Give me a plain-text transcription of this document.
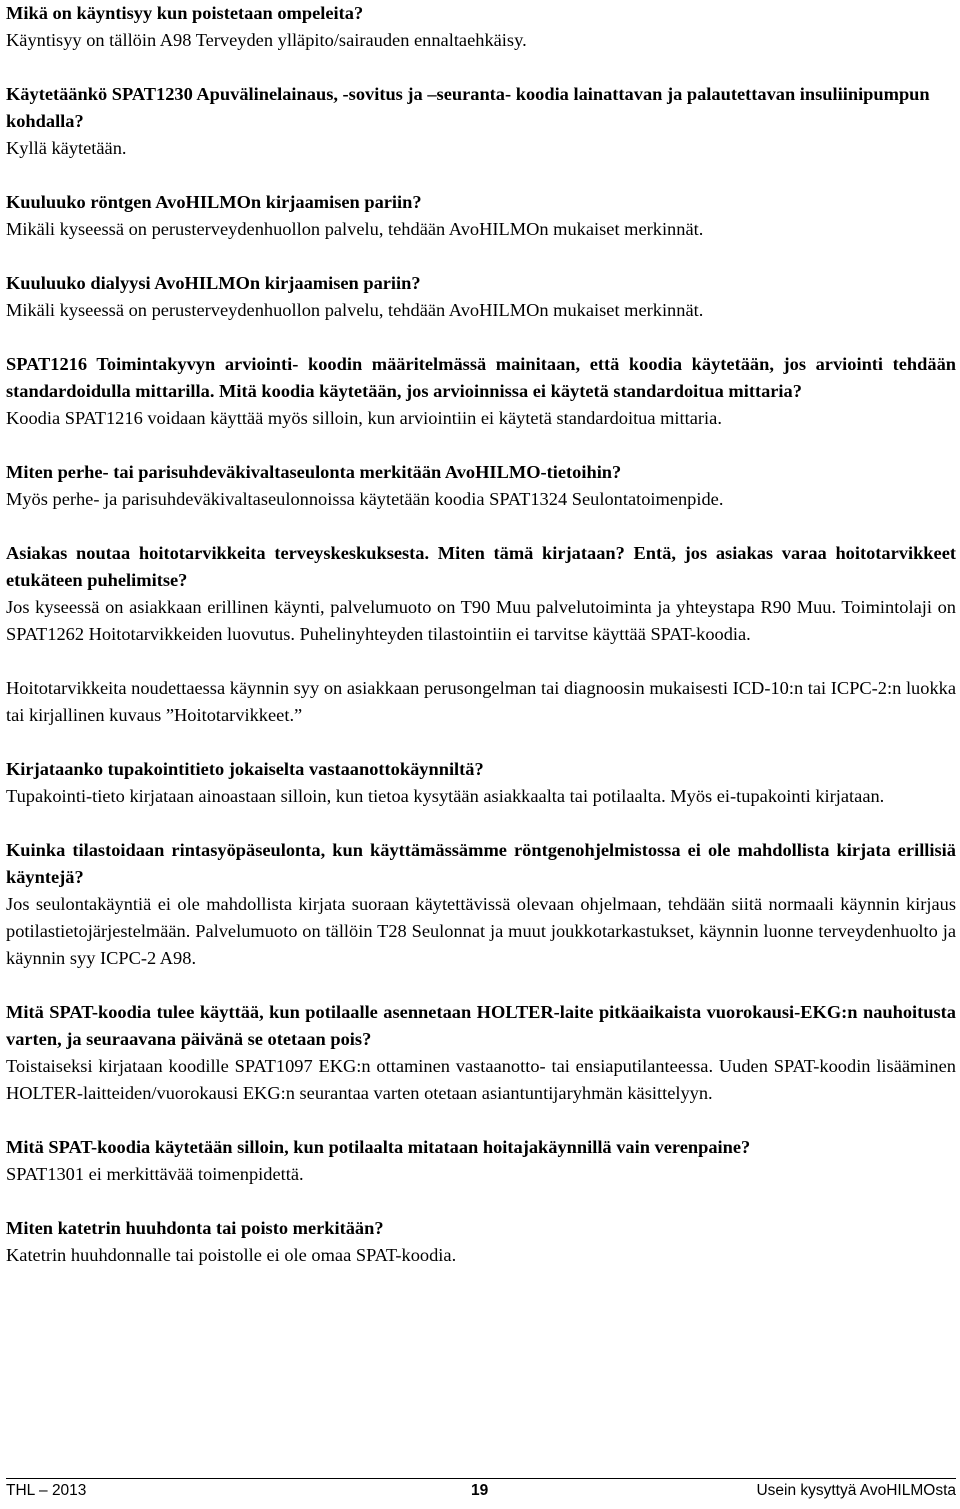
Mikä on käyntisyy kun poistetaan ompeleita?

Käyntisyy on tällöin A98 Terveyden ylläpito/sairauden ennaltaehkäisy.

Käytetäänkö SPAT1230 Apuvälinelainaus, -sovitus ja –seuranta- koodia lainattavan ja palautettavan insuliinipumpun kohdalla?

Kyllä käytetään.

Kuuluuko röntgen AvoHILMOn kirjaamisen pariin?

Mikäli kyseessä on perusterveydenhuollon palvelu, tehdään AvoHILMOn mukaiset merkinnät.

Kuuluuko dialyysi AvoHILMOn kirjaamisen pariin?

Mikäli kyseessä on perusterveydenhuollon palvelu, tehdään AvoHILMOn mukaiset merkinnät.

SPAT1216 Toimintakyvyn arviointi- koodin määritelmässä mainitaan, että koodia käytetään, jos arviointi tehdään standardoidulla mittarilla. Mitä koodia käytetään, jos arvioinnissa ei käytetä standardoitua mittaria?

Koodia SPAT1216 voidaan käyttää myös silloin, kun arviointiin ei käytetä standardoitua mittaria.

Miten perhe- tai parisuhdeväkivaltaseulonta merkitään AvoHILMO-tietoihin?

Myös perhe- ja parisuhdeväkivaltaseulonnoissa käytetään koodia SPAT1324 Seulontatoimenpide.

Asiakas noutaa hoitotarvikkeita terveyskeskuksesta. Miten tämä kirjataan? Entä, jos asiakas varaa hoitotarvikkeet etukäteen puhelimitse?

Jos kyseessä on asiakkaan erillinen käynti, palvelumuoto on T90 Muu palvelutoiminta ja yhteystapa R90 Muu. Toimintolaji on SPAT1262 Hoitotarvikkeiden luovutus. Puhelinyhteyden tilastointiin ei tarvitse käyttää SPAT-koodia.

Hoitotarvikkeita noudettaessa käynnin syy on asiakkaan perusongelman tai diagnoosin mukaisesti ICD-10:n tai ICPC-2:n luokka tai kirjallinen kuvaus ”Hoitotarvikkeet.”

Kirjataanko tupakointitieto jokaiselta vastaanottokäynniltä?

Tupakointi-tieto kirjataan ainoastaan silloin, kun tietoa kysytään asiakkaalta tai potilaalta. Myös ei-tupakointi kirjataan.

Kuinka tilastoidaan rintasyöpäseulonta, kun käyttämässämme röntgenohjelmistossa ei ole mahdollista kirjata erillisiä käyntejä?

Jos seulontakäyntiä ei ole mahdollista kirjata suoraan käytettävissä olevaan ohjelmaan, tehdään siitä normaali käynnin kirjaus potilastietojärjestelmään. Palvelumuoto on tällöin T28 Seulonnat ja muut joukkotarkastukset, käynnin luonne terveydenhuolto ja käynnin syy ICPC-2 A98.

Mitä SPAT-koodia tulee käyttää, kun potilaalle asennetaan HOLTER-laite pitkäaikaista vuorokausi-EKG:n nauhoitusta varten, ja seuraavana päivänä se otetaan pois?

Toistaiseksi kirjataan koodille SPAT1097 EKG:n ottaminen vastaanotto- tai ensiaputilanteessa. Uuden SPAT-koodin lisääminen HOLTER-laitteiden/vuorokausi EKG:n seurantaa varten otetaan asiantuntijaryhmän käsittelyyn.

Mitä SPAT-koodia käytetään silloin, kun potilaalta mitataan hoitajakäynnillä vain verenpaine?

SPAT1301 ei merkittävää toimenpidettä.

Miten katetrin huuhdonta tai poisto merkitään?

Katetrin huuhdonnalle tai poistolle ei ole omaa SPAT-koodia.

THL – 2013	19	Usein kysyttyä AvoHILMOsta
